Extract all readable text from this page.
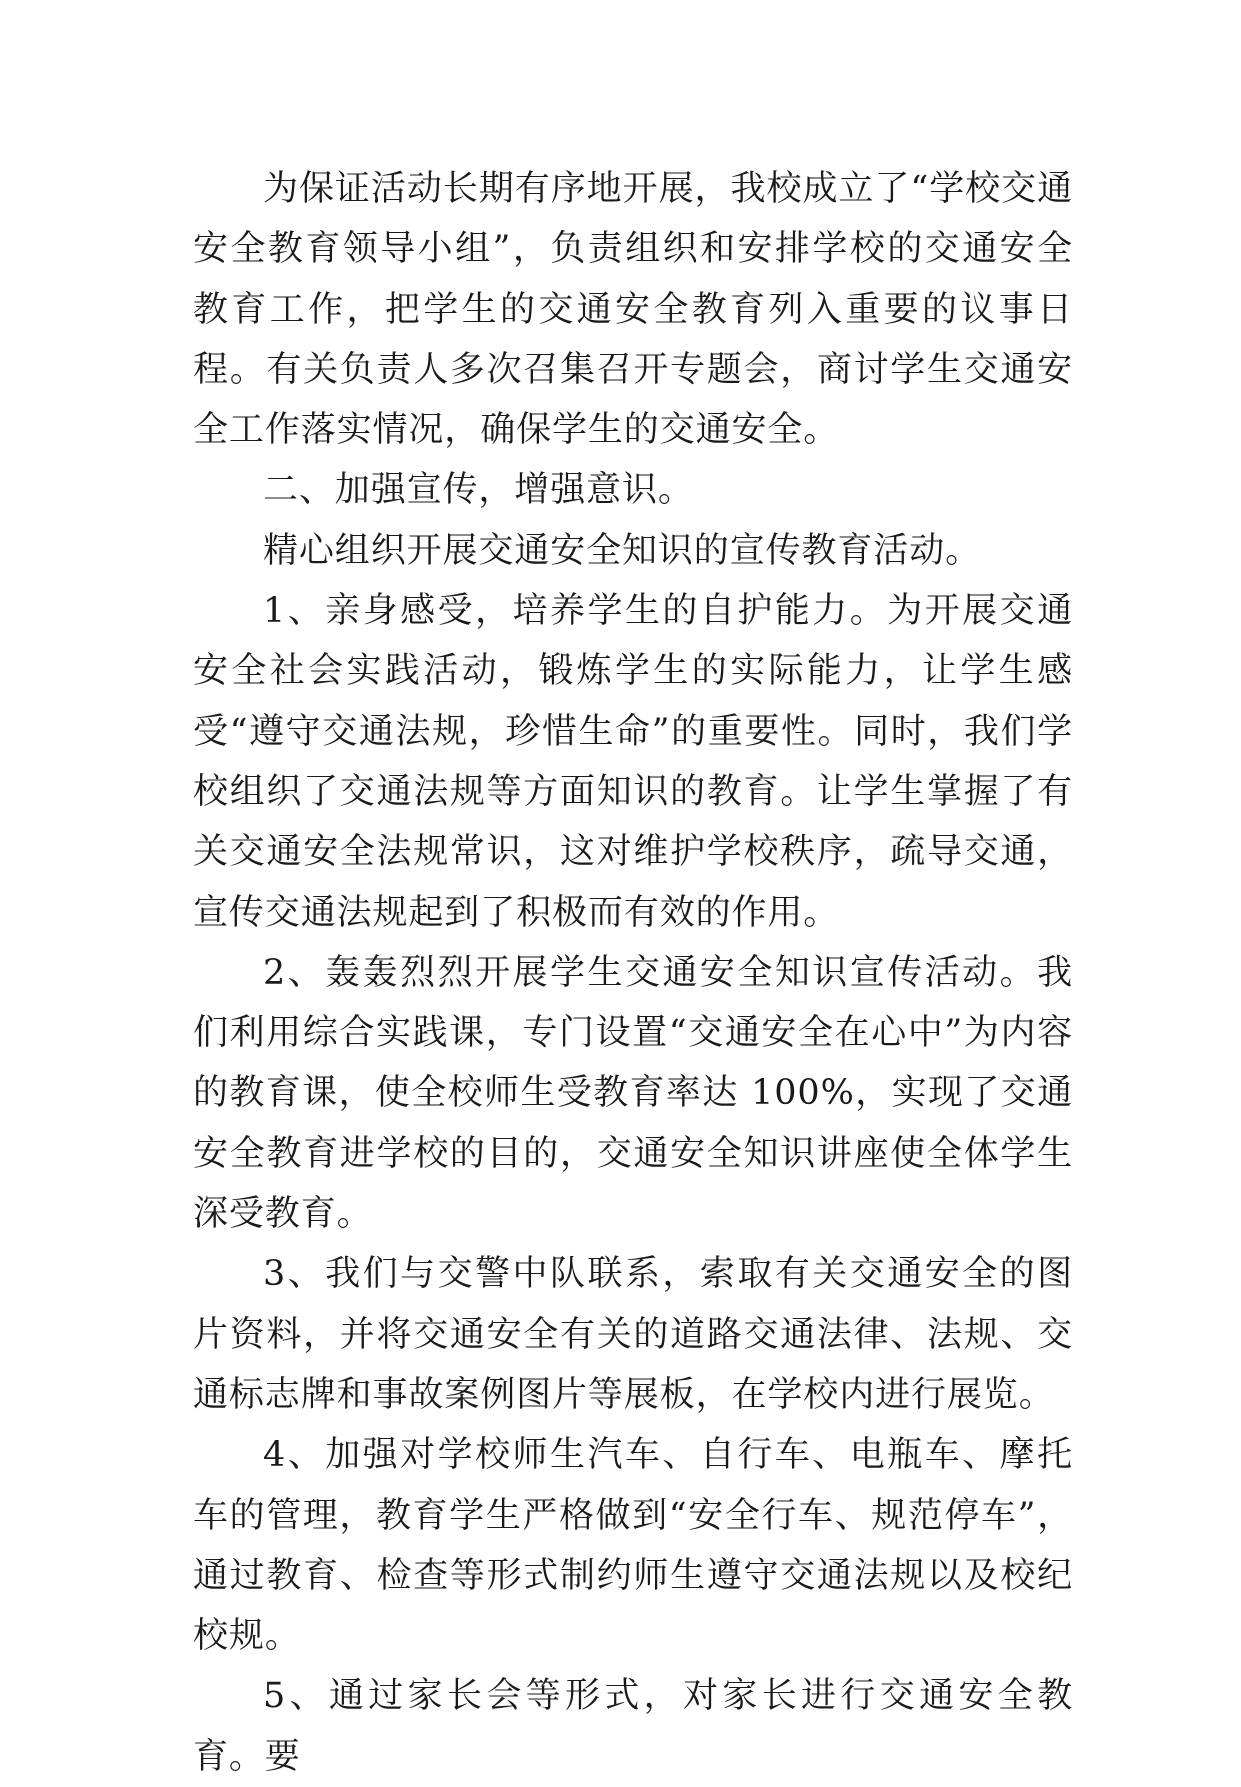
为保证活动长期有序地开展，我校成立了“学校交通安全教育领导小组”，负责组织和安排学校的交通安全教育工作，把学生的交通安全教育列入重要的议事日程。有关负责人多次召集召开专题会，商讨学生交通安全工作落实情况，确保学生的交通安全。

二、加强宣传，增强意识。

精心组织开展交通安全知识的宣传教育活动。

1、亲身感受，培养学生的自护能力。为开展交通安全社会实践活动，锻炼学生的实际能力，让学生感受“遵守交通法规，珍惜生命”的重要性。同时，我们学校组织了交通法规等方面知识的教育。让学生掌握了有关交通安全法规常识，这对维护学校秩序，疏导交通，宣传交通法规起到了积极而有效的作用。

2、轰轰烈烈开展学生交通安全知识宣传活动。我们利用综合实践课，专门设置“交通安全在心中”为内容的教育课，使全校师生受教育率达 100%，实现了交通安全教育进学校的目的，交通安全知识讲座使全体学生深受教育。

3、我们与交警中队联系，索取有关交通安全的图片资料，并将交通安全有关的道路交通法律、法规、交通标志牌和事故案例图片等展板，在学校内进行展览。

4、加强对学校师生汽车、自行车、电瓶车、摩托车的管理，教育学生严格做到“安全行车、规范停车”，通过教育、检查等形式制约师生遵守交通法规以及校纪校规。

5、通过家长会等形式，对家长进行交通安全教育。要
